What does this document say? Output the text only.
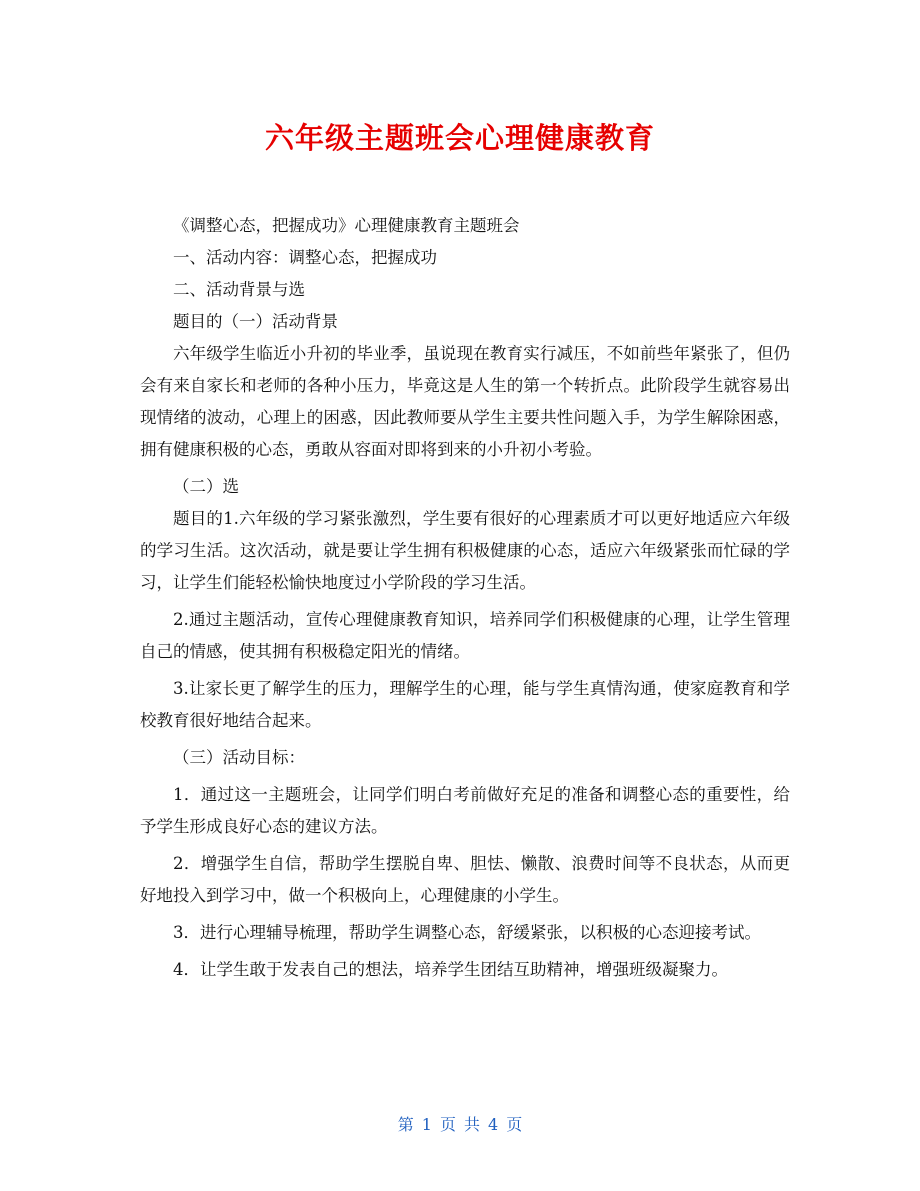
六年级主题班会心理健康教育

《调整心态，把握成功》心理健康教育主题班会

一、活动内容：调整心态，把握成功

二、活动背景与选

题目的（一）活动背景

六年级学生临近小升初的毕业季，虽说现在教育实行减压，不如前些年紧张了，但仍会有来自家长和老师的各种小压力，毕竟这是人生的第一个转折点。此阶段学生就容易出现情绪的波动，心理上的困惑，因此教师要从学生主要共性问题入手，为学生解除困惑，拥有健康积极的心态，勇敢从容面对即将到来的小升初小考验。

（二）选

题目的1.六年级的学习紧张激烈，学生要有很好的心理素质才可以更好地适应六年级的学习生活。这次活动，就是要让学生拥有积极健康的心态，适应六年级紧张而忙碌的学习，让学生们能轻松愉快地度过小学阶段的学习生活。

2.通过主题活动，宣传心理健康教育知识，培养同学们积极健康的心理，让学生管理自己的情感，使其拥有积极稳定阳光的情绪。

3.让家长更了解学生的压力，理解学生的心理，能与学生真情沟通，使家庭教育和学校教育很好地结合起来。

（三）活动目标：

1．通过这一主题班会，让同学们明白考前做好充足的准备和调整心态的重要性，给予学生形成良好心态的建议方法。

2．增强学生自信，帮助学生摆脱自卑、胆怯、懒散、浪费时间等不良状态，从而更好地投入到学习中，做一个积极向上，心理健康的小学生。

3．进行心理辅导梳理，帮助学生调整心态，舒缓紧张，以积极的心态迎接考试。

4．让学生敢于发表自己的想法，培养学生团结互助精神，增强班级凝聚力。

第 1 页 共 4 页
